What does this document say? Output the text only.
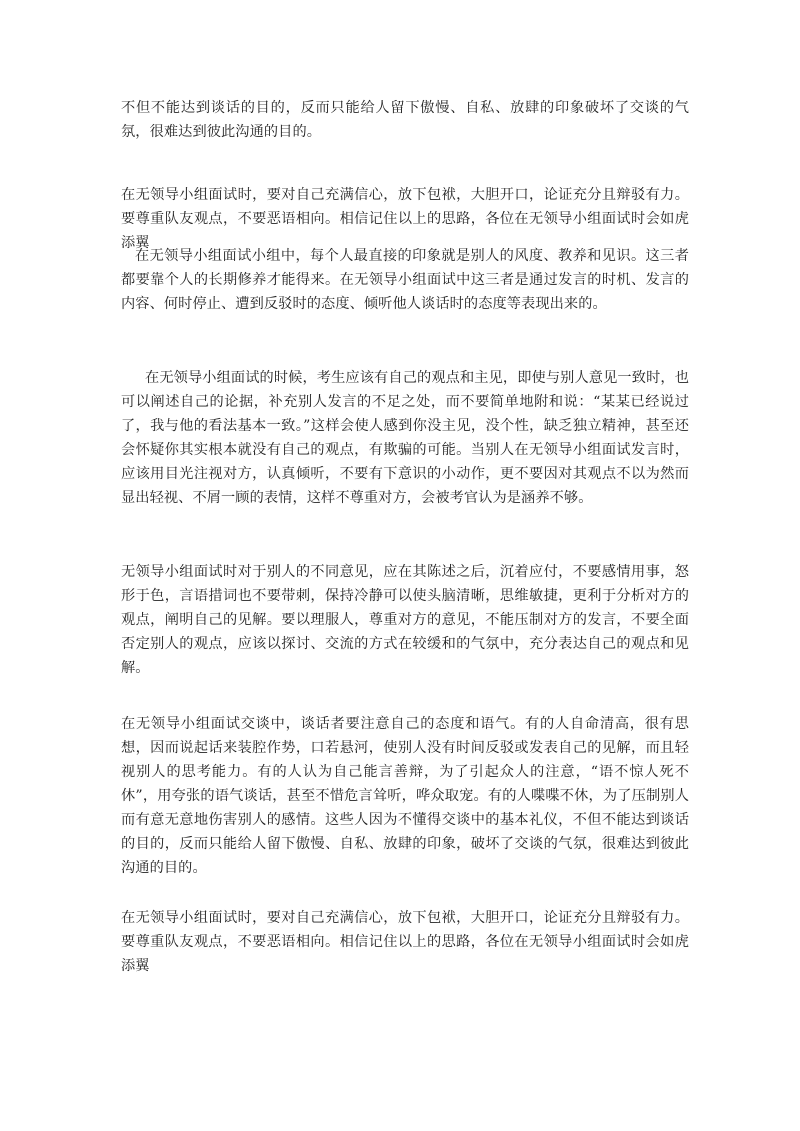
不但不能达到谈话的目的，反而只能给人留下傲慢、自私、放肆的印象破坏了交谈的气氛，很难达到彼此沟通的目的。

在无领导小组面试时，要对自己充满信心，放下包袱，大胆开口，论证充分且辩驳有力。要尊重队友观点，不要恶语相向。相信记住以上的思路，各位在无领导小组面试时会如虎添翼

在无领导小组面试小组中，每个人最直接的印象就是别人的风度、教养和见识。这三者都要靠个人的长期修养才能得来。在无领导小组面试中这三者是通过发言的时机、发言的内容、何时停止、遭到反驳时的态度、倾听他人谈话时的态度等表现出来的。

在无领导小组面试的时候，考生应该有自己的观点和主见，即使与别人意见一致时，也可以阐述自己的论据，补充别人发言的不足之处，而不要简单地附和说：“某某已经说过了，我与他的看法基本一致。”这样会使人感到你没主见，没个性，缺乏独立精神，甚至还会怀疑你其实根本就没有自己的观点，有欺骗的可能。当别人在无领导小组面试发言时，应该用目光注视对方，认真倾听，不要有下意识的小动作，更不要因对其观点不以为然而显出轻视、不屑一顾的表情，这样不尊重对方，会被考官认为是涵养不够。

无领导小组面试时对于别人的不同意见，应在其陈述之后，沉着应付，不要感情用事，怒形于色，言语措词也不要带刺，保持冷静可以使头脑清晰，思维敏捷，更利于分析对方的观点，阐明自己的见解。要以理服人，尊重对方的意见，不能压制对方的发言，不要全面否定别人的观点，应该以探讨、交流的方式在较缓和的气氛中，充分表达自己的观点和见解。

在无领导小组面试交谈中，谈话者要注意自己的态度和语气。有的人自命清高，很有思想，因而说起话来装腔作势，口若悬河，使别人没有时间反驳或发表自己的见解，而且轻视别人的思考能力。有的人认为自己能言善辩，为了引起众人的注意，“语不惊人死不休”，用夸张的语气谈话，甚至不惜危言耸听，哗众取宠。有的人喋喋不休，为了压制别人而有意无意地伤害别人的感情。这些人因为不懂得交谈中的基本礼仪，不但不能达到谈话的目的，反而只能给人留下傲慢、自私、放肆的印象，破坏了交谈的气氛，很难达到彼此沟通的目的。

在无领导小组面试时，要对自己充满信心，放下包袱，大胆开口，论证充分且辩驳有力。要尊重队友观点，不要恶语相向。相信记住以上的思路，各位在无领导小组面试时会如虎添翼
